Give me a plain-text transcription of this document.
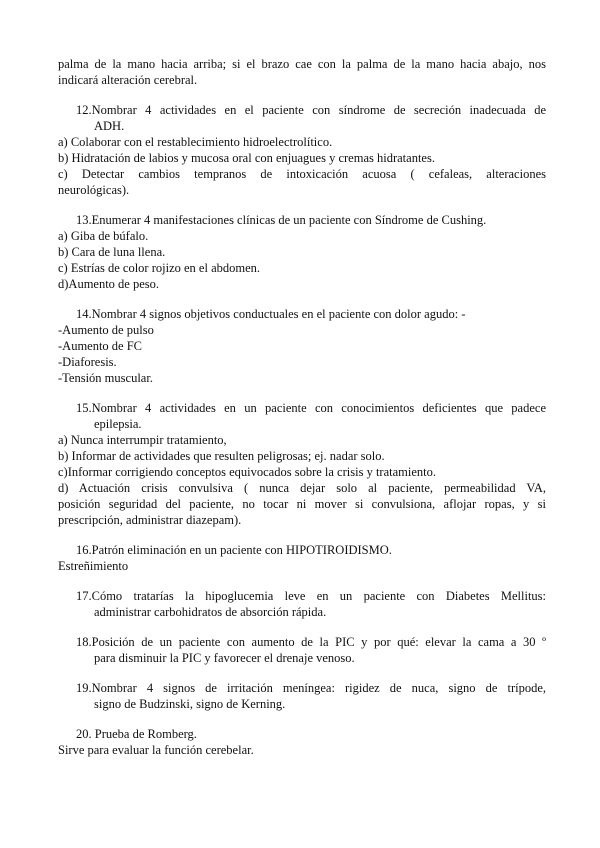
palma de la mano hacia arriba; si el brazo cae con la palma de la mano hacia abajo, nos
indicará alteración cerebral.
12.Nombrar 4 actividades en el paciente con síndrome de secreción inadecuada de
ADH.
a) Colaborar con el restablecimiento hidroelectrolítico.
b) Hidratación de labios y mucosa oral con enjuagues y cremas hidratantes.
c) Detectar cambios tempranos de intoxicación acuosa ( cefaleas, alteraciones
neurológicas).
13.Enumerar 4 manifestaciones clínicas de un paciente con Síndrome de Cushing.
a) Giba de búfalo.
b) Cara de luna llena.
c) Estrías de color rojizo en el abdomen.
d)Aumento de peso.
14.Nombrar 4 signos objetivos conductuales en el paciente con dolor agudo: -
-Aumento de pulso
-Aumento de FC
-Diaforesis.
-Tensión muscular.
15.Nombrar 4 actividades en un paciente con conocimientos deficientes que padece
epilepsia.
a) Nunca interrumpir tratamiento,
b) Informar de actividades que resulten peligrosas; ej. nadar solo.
c)Informar corrigiendo conceptos equivocados sobre la crisis y tratamiento.
d) Actuación crisis convulsiva ( nunca dejar solo al paciente, permeabilidad VA,
posición seguridad del paciente, no tocar ni mover si convulsiona, aflojar ropas, y si
prescripción, administrar diazepam).
16.Patrón eliminación en un paciente con HIPOTIROIDISMO.
Estreñimiento
17.Cómo tratarías la hipoglucemia leve en un paciente con Diabetes Mellitus:
administrar carbohidratos de absorción rápida.
18.Posición de un paciente con aumento de la PIC y por qué: elevar la cama a 30 º
para disminuir la PIC y favorecer el drenaje venoso.
19.Nombrar 4 signos de irritación meníngea: rigidez de nuca, signo de trípode,
signo de Budzinski, signo de Kerning.
20. Prueba de Romberg.
Sirve para evaluar la función cerebelar.
